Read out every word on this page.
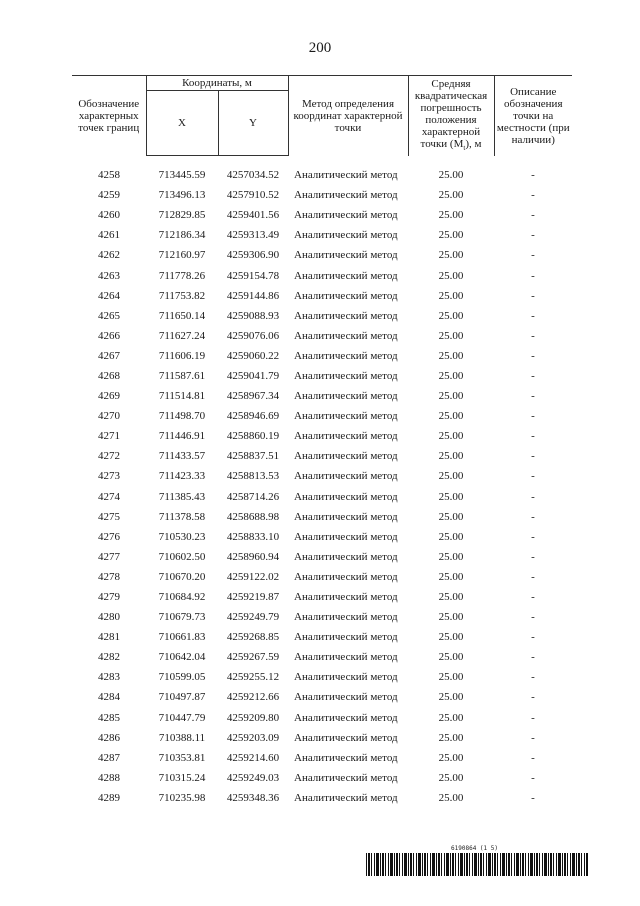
200
Обозначение характерных точек границ	Координаты, м		Метод определения координат характерной точки	Средняя квадратическая погрешность положения характерной точки $(M_t)$, м	Описание обозначения точки на местности (при наличии)
	X	Y			

4258	713445.59	4257034.52	Аналитический метод	25.00	-
4259	713496.13	4257910.52	Аналитический метод	25.00	-
4260	712829.85	4259401.56	Аналитический метод	25.00	-
4261	712186.34	4259313.49	Аналитический метод	25.00	-
4262	712160.97	4259306.90	Аналитический метод	25.00	-
4263	711778.26	4259154.78	Аналитический метод	25.00	-
4264	711753.82	4259144.86	Аналитический метод	25.00	-
4265	711650.14	4259088.93	Аналитический метод	25.00	-
4266	711627.24	4259076.06	Аналитический метод	25.00	-
4267	711606.19	4259060.22	Аналитический метод	25.00	-
4268	711587.61	4259041.79	Аналитический метод	25.00	-
4269	711514.81	4258967.34	Аналитический метод	25.00	-
4270	711498.70	4258946.69	Аналитический метод	25.00	-
4271	711446.91	4258860.19	Аналитический метод	25.00	-
4272	711433.57	4258837.51	Аналитический метод	25.00	-
4273	711423.33	4258813.53	Аналитический метод	25.00	-
4274	711385.43	4258714.26	Аналитический метод	25.00	-
4275	711378.58	4258688.98	Аналитический метод	25.00	-
4276	710530.23	4258833.10	Аналитический метод	25.00	-
4277	710602.50	4258960.94	Аналитический метод	25.00	-
4278	710670.20	4259122.02	Аналитический метод	25.00	-
4279	710684.92	4259219.87	Аналитический метод	25.00	-
4280	710679.73	4259249.79	Аналитический метод	25.00	-
4281	710661.83	4259268.85	Аналитический метод	25.00	-
4282	710642.04	4259267.59	Аналитический метод	25.00	-
4283	710599.05	4259255.12	Аналитический метод	25.00	-
4284	710497.87	4259212.66	Аналитический метод	25.00	-
4285	710447.79	4259209.80	Аналитический метод	25.00	-
4286	710388.11	4259203.09	Аналитический метод	25.00	-
4287	710353.81	4259214.60	Аналитический метод	25.00	-
4288	710315.24	4259249.03	Аналитический метод	25.00	-
4289	710235.98	4259348.36	Аналитический метод	25.00	-
6190864 (1 5)
